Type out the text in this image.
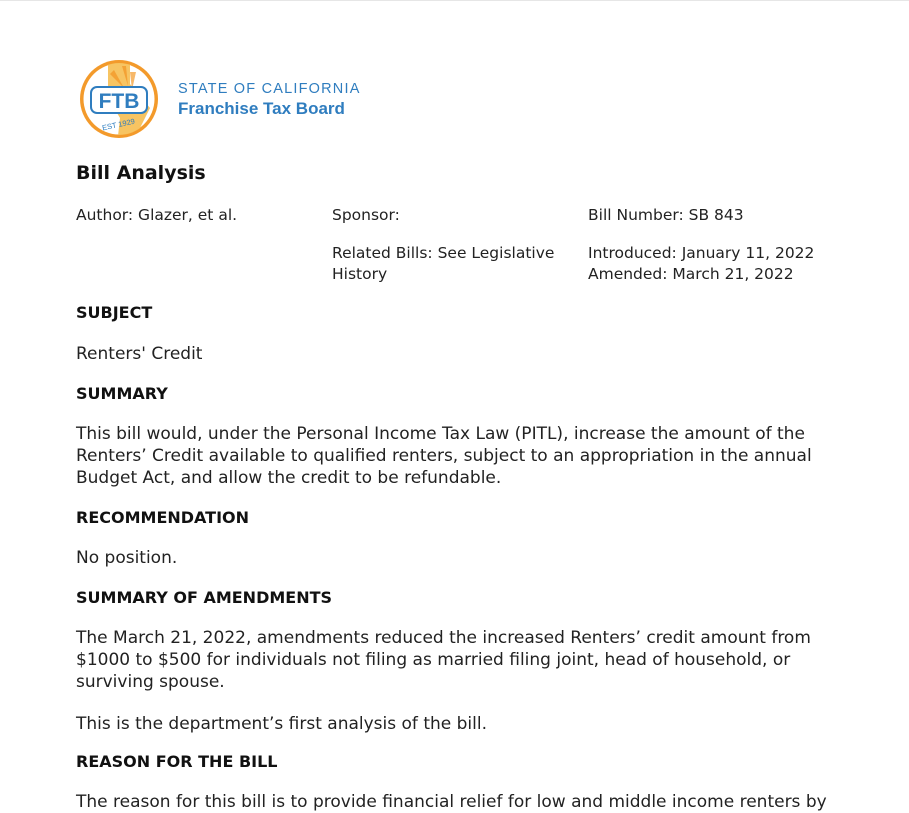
FTB
EST 1929
STATE OF CALIFORNIA
Franchise Tax Board
Bill Analysis
Author: Glazer, et al.	Sponsor:	Bill Number: SB 843
Related Bills: See Legislative History
Introduced: January 11, 2022
Amended: March 21, 2022
SUBJECT

Renters' Credit

SUMMARY

This bill would, under the Personal Income Tax Law (PITL), increase the amount of the Renters’ Credit available to qualified renters, subject to an appropriation in the annual Budget Act, and allow the credit to be refundable.

RECOMMENDATION

No position.

SUMMARY OF AMENDMENTS

The March 21, 2022, amendments reduced the increased Renters’ credit amount from $1000 to $500 for individuals not filing as married filing joint, head of household, or surviving spouse.

This is the department’s first analysis of the bill.

REASON FOR THE BILL

The reason for this bill is to provide financial relief for low and middle income renters by
